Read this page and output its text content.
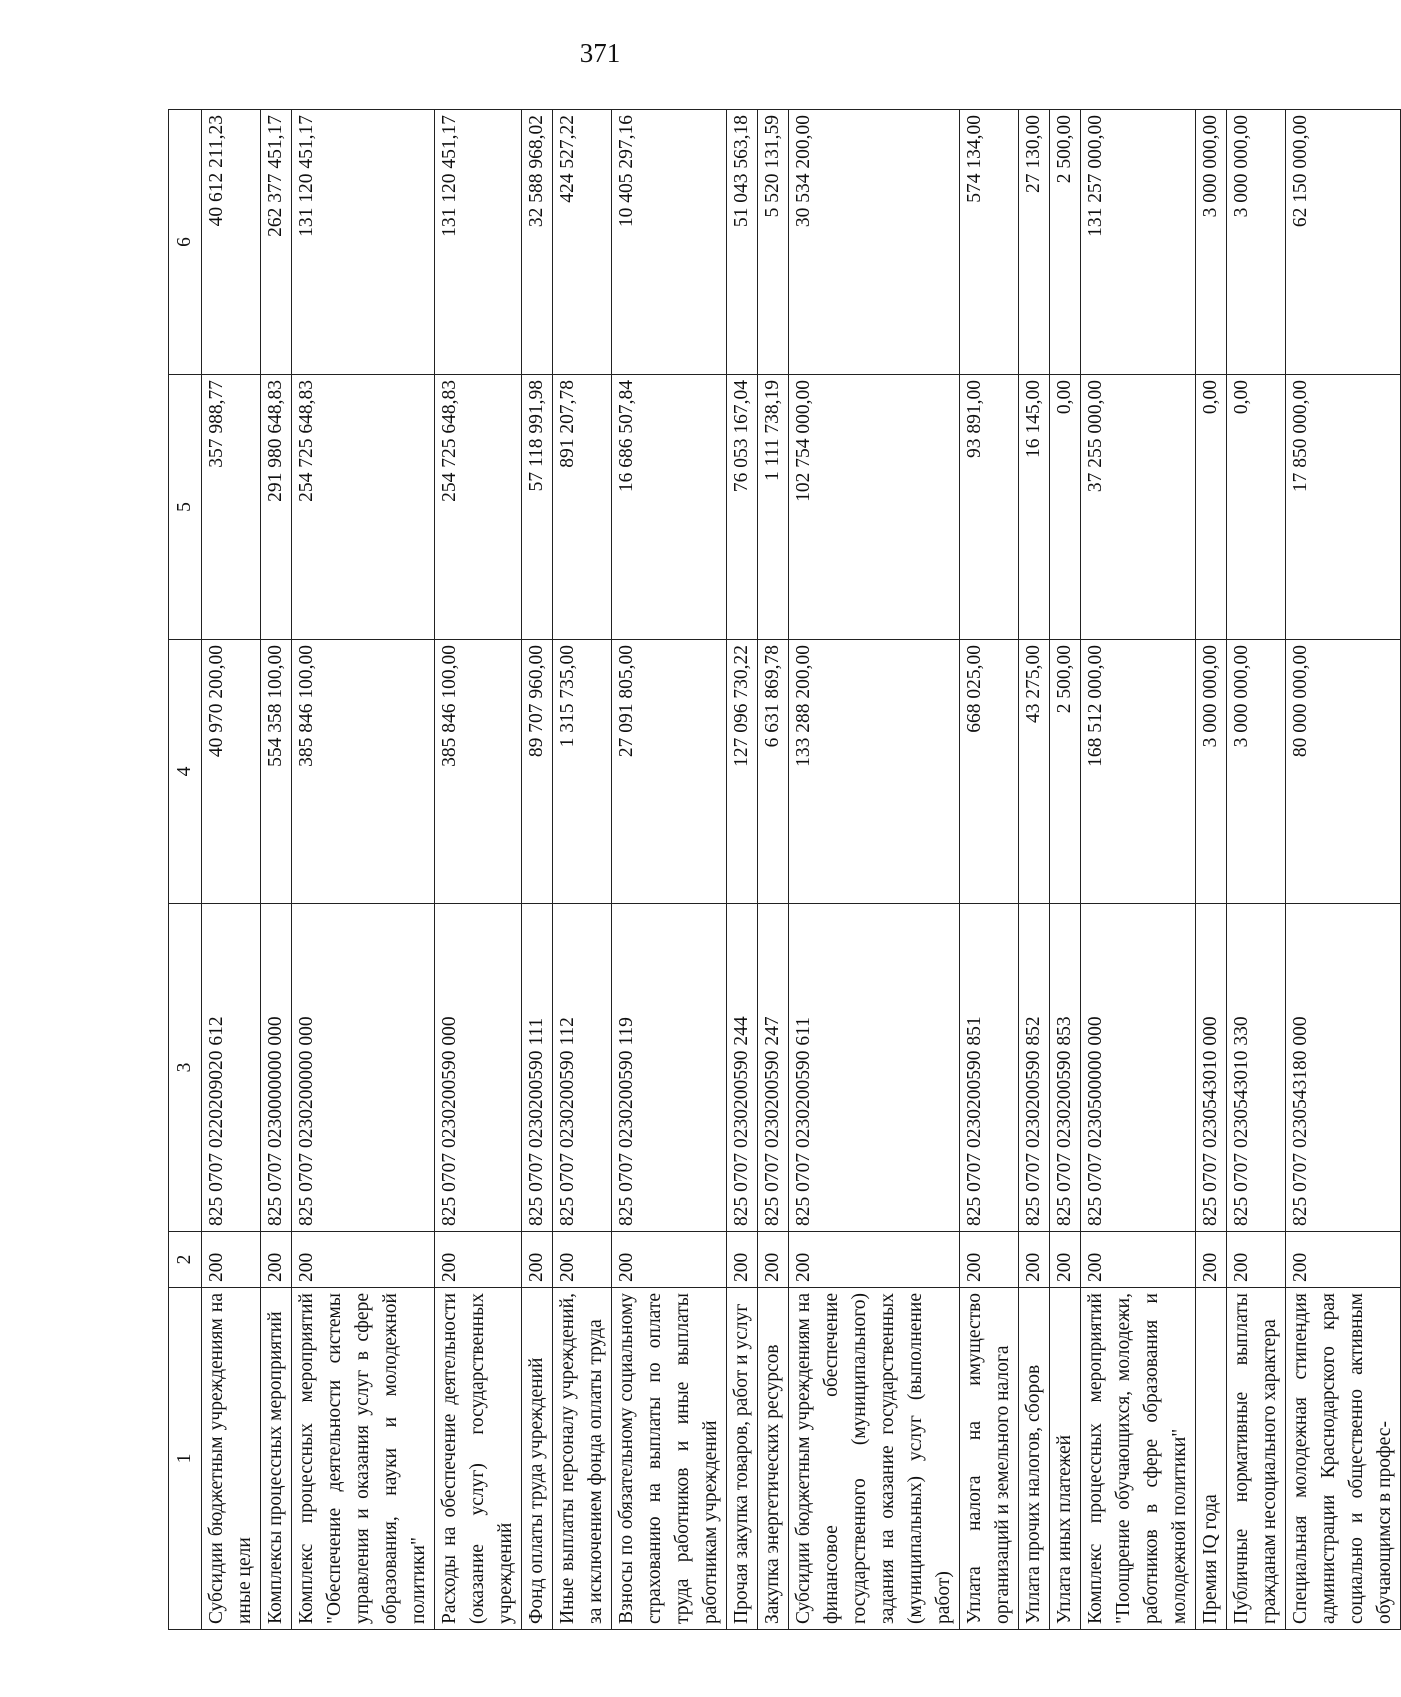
371
1	2	3	4	5	6
Субсидии бюджетным учреждениям на иные цели	200	825 0707 0220209020 612	40 970 200,00	357 988,77	40 612 211,23
Комплексы процессных мероприятий	200	825 0707 0230000000 000	554 358 100,00	291 980 648,83	262 377 451,17
Комплекс процессных мероприятий "Обеспечение деятельности системы управления и оказания услуг в сфере образования, науки и молодежной политики"	200	825 0707 0230200000 000	385 846 100,00	254 725 648,83	131 120 451,17
Расходы на обеспечение деятельности (оказание услуг) государственных учреждений	200	825 0707 0230200590 000	385 846 100,00	254 725 648,83	131 120 451,17
Фонд оплаты труда учреждений	200	825 0707 0230200590 111	89 707 960,00	57 118 991,98	32 588 968,02
Иные выплаты персоналу учреждений, за исключением фонда оплаты труда	200	825 0707 0230200590 112	1 315 735,00	891 207,78	424 527,22
Взносы по обязательному социальному страхованию на выплаты по оплате труда работников и иные выплаты работникам учреждений	200	825 0707 0230200590 119	27 091 805,00	16 686 507,84	10 405 297,16
Прочая закупка товаров, работ и услуг	200	825 0707 0230200590 244	127 096 730,22	76 053 167,04	51 043 563,18
Закупка энергетических ресурсов	200	825 0707 0230200590 247	6 631 869,78	1 111 738,19	5 520 131,59
Субсидии бюджетным учреждениям на финансовое обеспечение государственного (муниципального) задания на оказание государственных (муниципальных) услуг (выполнение работ)	200	825 0707 0230200590 611	133 288 200,00	102 754 000,00	30 534 200,00
Уплата налога на имущество организаций и земельного налога	200	825 0707 0230200590 851	668 025,00	93 891,00	574 134,00
Уплата прочих налогов, сборов	200	825 0707 0230200590 852	43 275,00	16 145,00	27 130,00
Уплата иных платежей	200	825 0707 0230200590 853	2 500,00	0,00	2 500,00
Комплекс процессных мероприятий "Поощрение обучающихся, молодежи, работников в сфере образования и молодежной политики"	200	825 0707 0230500000 000	168 512 000,00	37 255 000,00	131 257 000,00
Премия IQ года	200	825 0707 0230543010 000	3 000 000,00	0,00	3 000 000,00
Публичные нормативные выплаты гражданам несоциального характера	200	825 0707 0230543010 330	3 000 000,00	0,00	3 000 000,00
Специальная молодежная стипендия администрации Краснодарского края социально и общественно активным обучающимся в профес-	200	825 0707 0230543180 000	80 000 000,00	17 850 000,00	62 150 000,00
